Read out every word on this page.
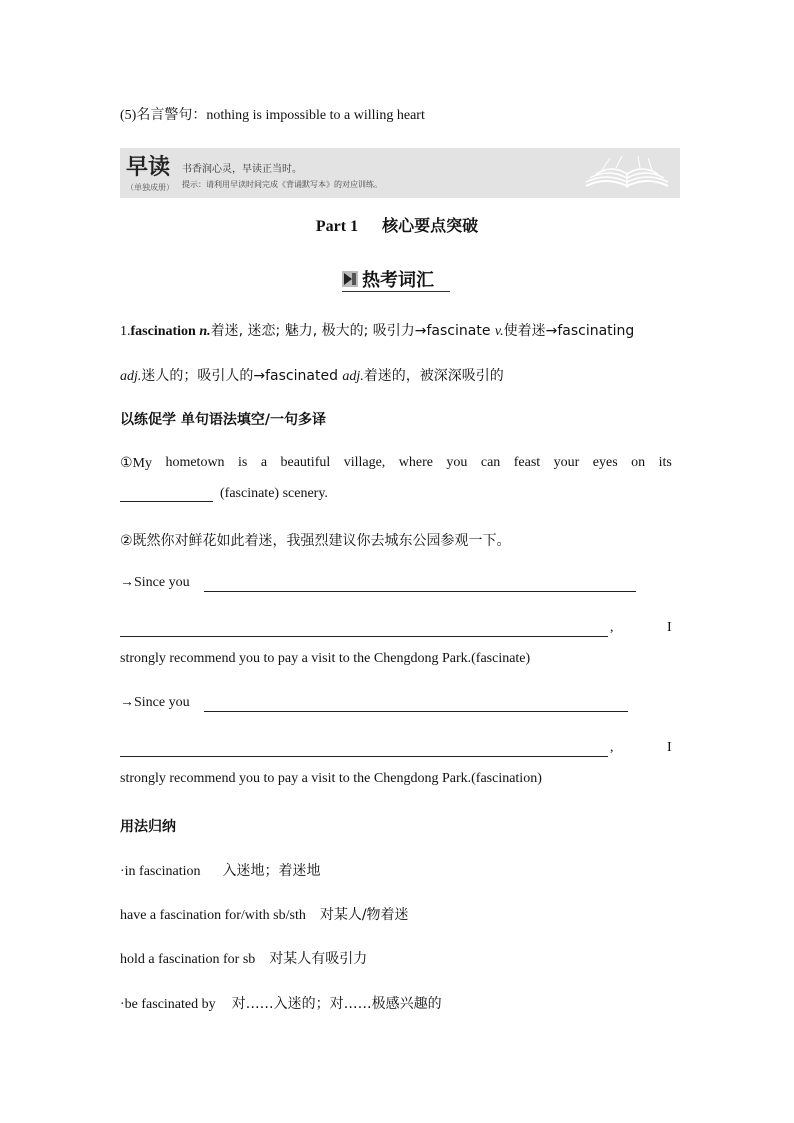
(5)名言警句：nothing is impossible to a willing heart
早读
（单独成册）
书香润心灵，早读正当时。
提示：请利用早读时间完成《背诵默写本》的对应训练。
Part 1 核心要点突破
热考词汇
1.fascination n.着迷, 迷恋; 魅力, 极大的; 吸引力→fascinate v.使着迷→fascinating
adj.迷人的；吸引人的→fascinated adj.着迷的，被深深吸引的
以练促学 单句语法填空/一句多译
①My hometown is a beautiful village, where you can feast your eyes on its
(fascinate) scenery.
②既然你对鲜花如此着迷，我强烈建议你去城东公园参观一下。
→Since you
,	I
strongly recommend you to pay a visit to the Chengdong Park.(fascinate)
→Since you
,	I
strongly recommend you to pay a visit to the Chengdong Park.(fascination)
用法归纳
·in fascination 入迷地；着迷地
have a fascination for/with sb/sth 对某人/物着迷
hold a fascination for sb 对某人有吸引力
·be fascinated by 对……入迷的；对……极感兴趣的
